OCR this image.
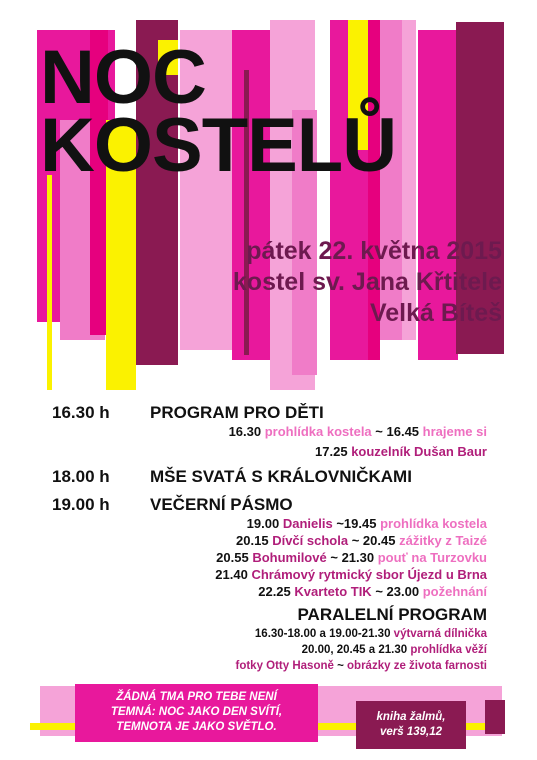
NOC
KOSTELŮ
pátek 22. května 2015
kostel sv. Jana Křtitele
Velká Bíteš
16.30 h PROGRAM PRO DĚTI
16.30 prohlídka kostela ~ 16.45 hrajeme si
17.25 kouzelník Dušan Baur
18.00 h MŠE SVATÁ S KRÁLOVNIČKAMI
19.00 h VEČERNÍ PÁSMO
19.00 Danielis ~19.45 prohlídka kostela
20.15 Dívčí schola ~ 20.45 zážitky z Taizé
20.55 Bohumilové ~ 21.30 pouť na Turzovku
21.40 Chrámový rytmický sbor Újezd u Brna
22.25 Kvarteto TIK ~ 23.00 požehnání
PARALELNÍ PROGRAM
16.30-18.00 a 19.00-21.30 výtvarná dílnička
20.00, 20.45 a 21.30 prohlídka věží
fotky Otty Hasoně ~ obrázky ze života farnosti
ŽÁDNÁ TMA PRO TEBE NENÍ
TEMNÁ: NOC JAKO DEN SVÍTÍ,
TEMNOTA JE JAKO SVĚTLO.
kniha žalmů,
verš 139,12
